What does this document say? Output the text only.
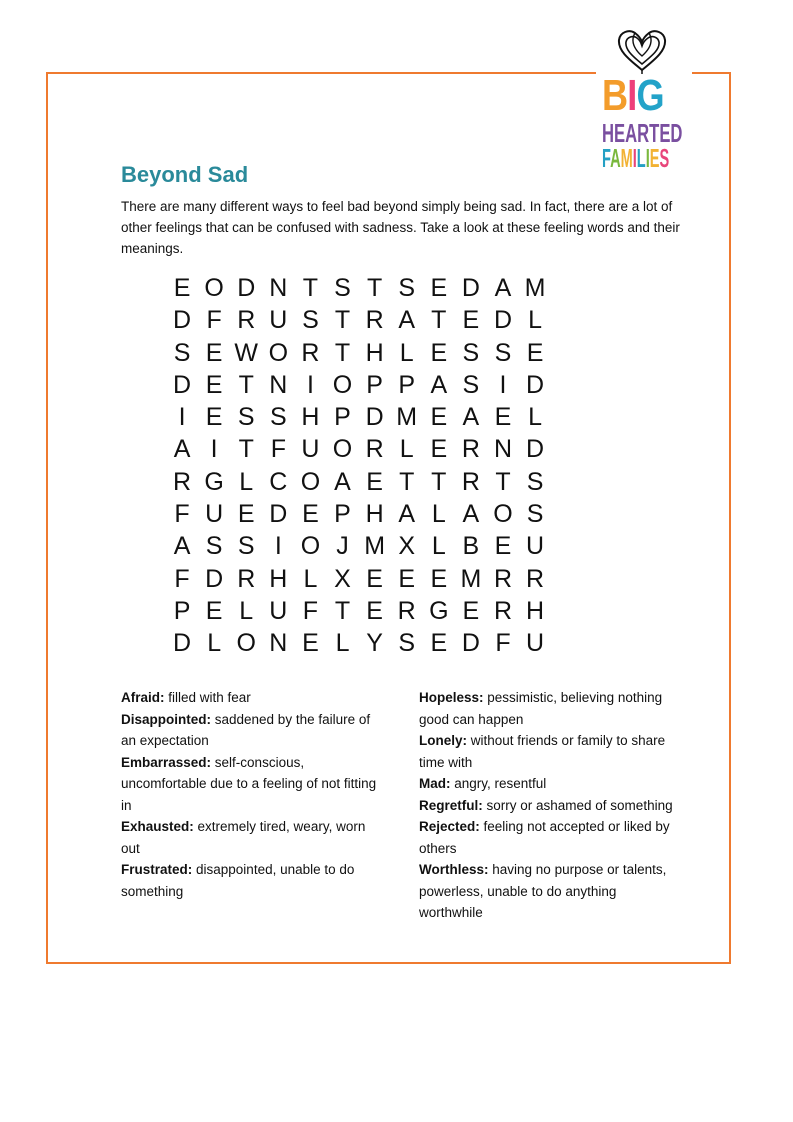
BIG
HEARTED
FAMILIES
Beyond Sad

There are many different ways to feel bad beyond simply being sad. In fact, there are a lot of other feelings that can be confused with sadness. Take a look at these feeling words and their meanings.

E O D N T S T S E D A M
D F R U S T R A T E D L
S E W O R T H L E S S E
D E T N I O P P A S I D
I E S S H P D M E A E L
A I T F U O R L E R N D
R G L C O A E T T R T S
F U E D E P H A L A O S
A S S I O J M X L B E U
F D R H L X E E E M R R
P E L U F T E R G E R H
D L O N E L Y S E D F U

Afraid: filled with fear

Disappointed: saddened by the failure of an expectation

Embarrassed: self-conscious, uncomfortable due to a feeling of not fitting in

Exhausted: extremely tired, weary, worn out

Frustrated: disappointed, unable to do something

Hopeless: pessimistic, believing nothing good can happen

Lonely: without friends or family to share time with

Mad: angry, resentful

Regretful: sorry or ashamed of something

Rejected: feeling not accepted or liked by others

Worthless: having no purpose or talents, powerless, unable to do anything worthwhile
